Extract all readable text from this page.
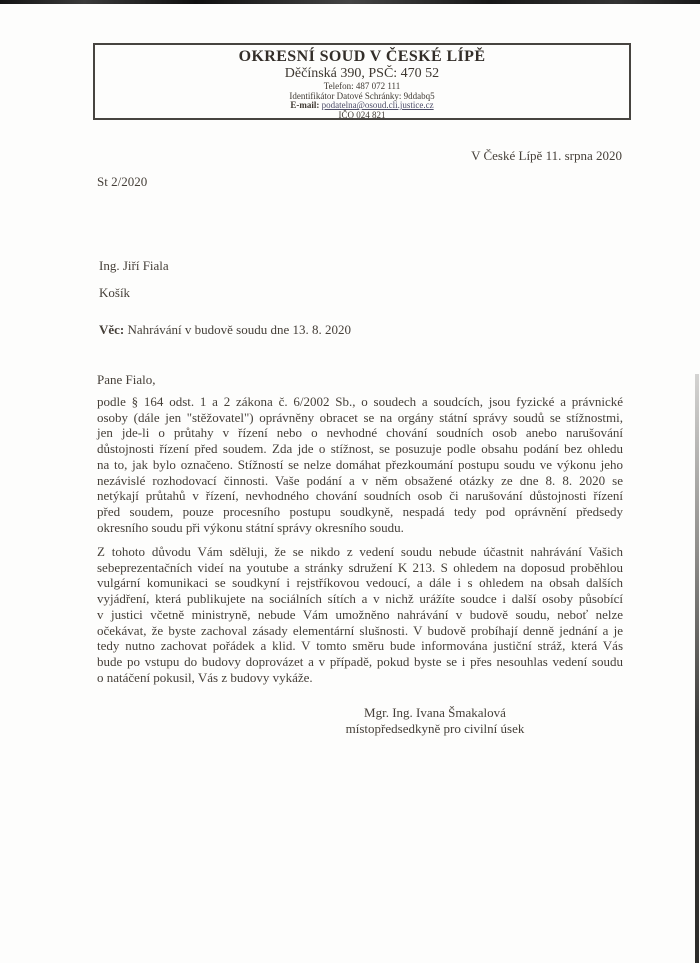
OKRESNÍ SOUD V ČESKÉ LÍPĚ
Děčínská 390, PSČ: 470 52
Telefon: 487 072 111
Identifikátor Datové Schránky: 9ddabq5
E-mail: podatelna@osoud.cli.justice.cz
IČO 024 821
V České Lípě 11. srpna 2020
St 2/2020
Ing. Jiří Fiala
Košík
Věc: Nahrávání v budově soudu dne 13. 8. 2020
Pane Fialo,
podle § 164 odst. 1 a 2 zákona č. 6/2002 Sb., o soudech a soudcích, jsou fyzické a právnické
osoby (dále jen "stěžovatel") oprávněny obracet se na orgány státní správy soudů se stížnostmi,
jen jde-li o průtahy v řízení nebo o nevhodné chování soudních osob anebo narušování
důstojnosti řízení před soudem. Zda jde o stížnost, se posuzuje podle obsahu podání bez ohledu
na to, jak bylo označeno. Stížností se nelze domáhat přezkoumání postupu soudu ve výkonu jeho
nezávislé rozhodovací činnosti. Vaše podání a v něm obsažené otázky ze dne 8. 8. 2020 se
netýkají průtahů v řízení, nevhodného chování soudních osob či narušování důstojnosti řízení
před soudem, pouze procesního postupu soudkyně, nespadá tedy pod oprávnění předsedy
okresního soudu při výkonu státní správy okresního soudu.
Z tohoto důvodu Vám sděluji, že se nikdo z vedení soudu nebude účastnit nahrávání Vašich
sebeprezentačních videí na youtube a stránky sdružení K 213. S ohledem na doposud proběhlou
vulgární komunikaci se soudkyní i rejstříkovou vedoucí, a dále i s ohledem na obsah dalších
vyjádření, která publikujete na sociálních sítích a v nichž urážíte soudce i další osoby působící
v justici včetně ministryně, nebude Vám umožněno nahrávání v budově soudu, neboť nelze
očekávat, že byste zachoval zásady elementární slušnosti. V budově probíhají denně jednání a je
tedy nutno zachovat pořádek a klid. V tomto směru bude informována justiční stráž, která Vás
bude po vstupu do budovy doprovázet a v případě, pokud byste se i přes nesouhlas vedení soudu
o natáčení pokusil, Vás z budovy vykáže.
Mgr. Ing. Ivana Šmakalová
místopředsedkyně pro civilní úsek
